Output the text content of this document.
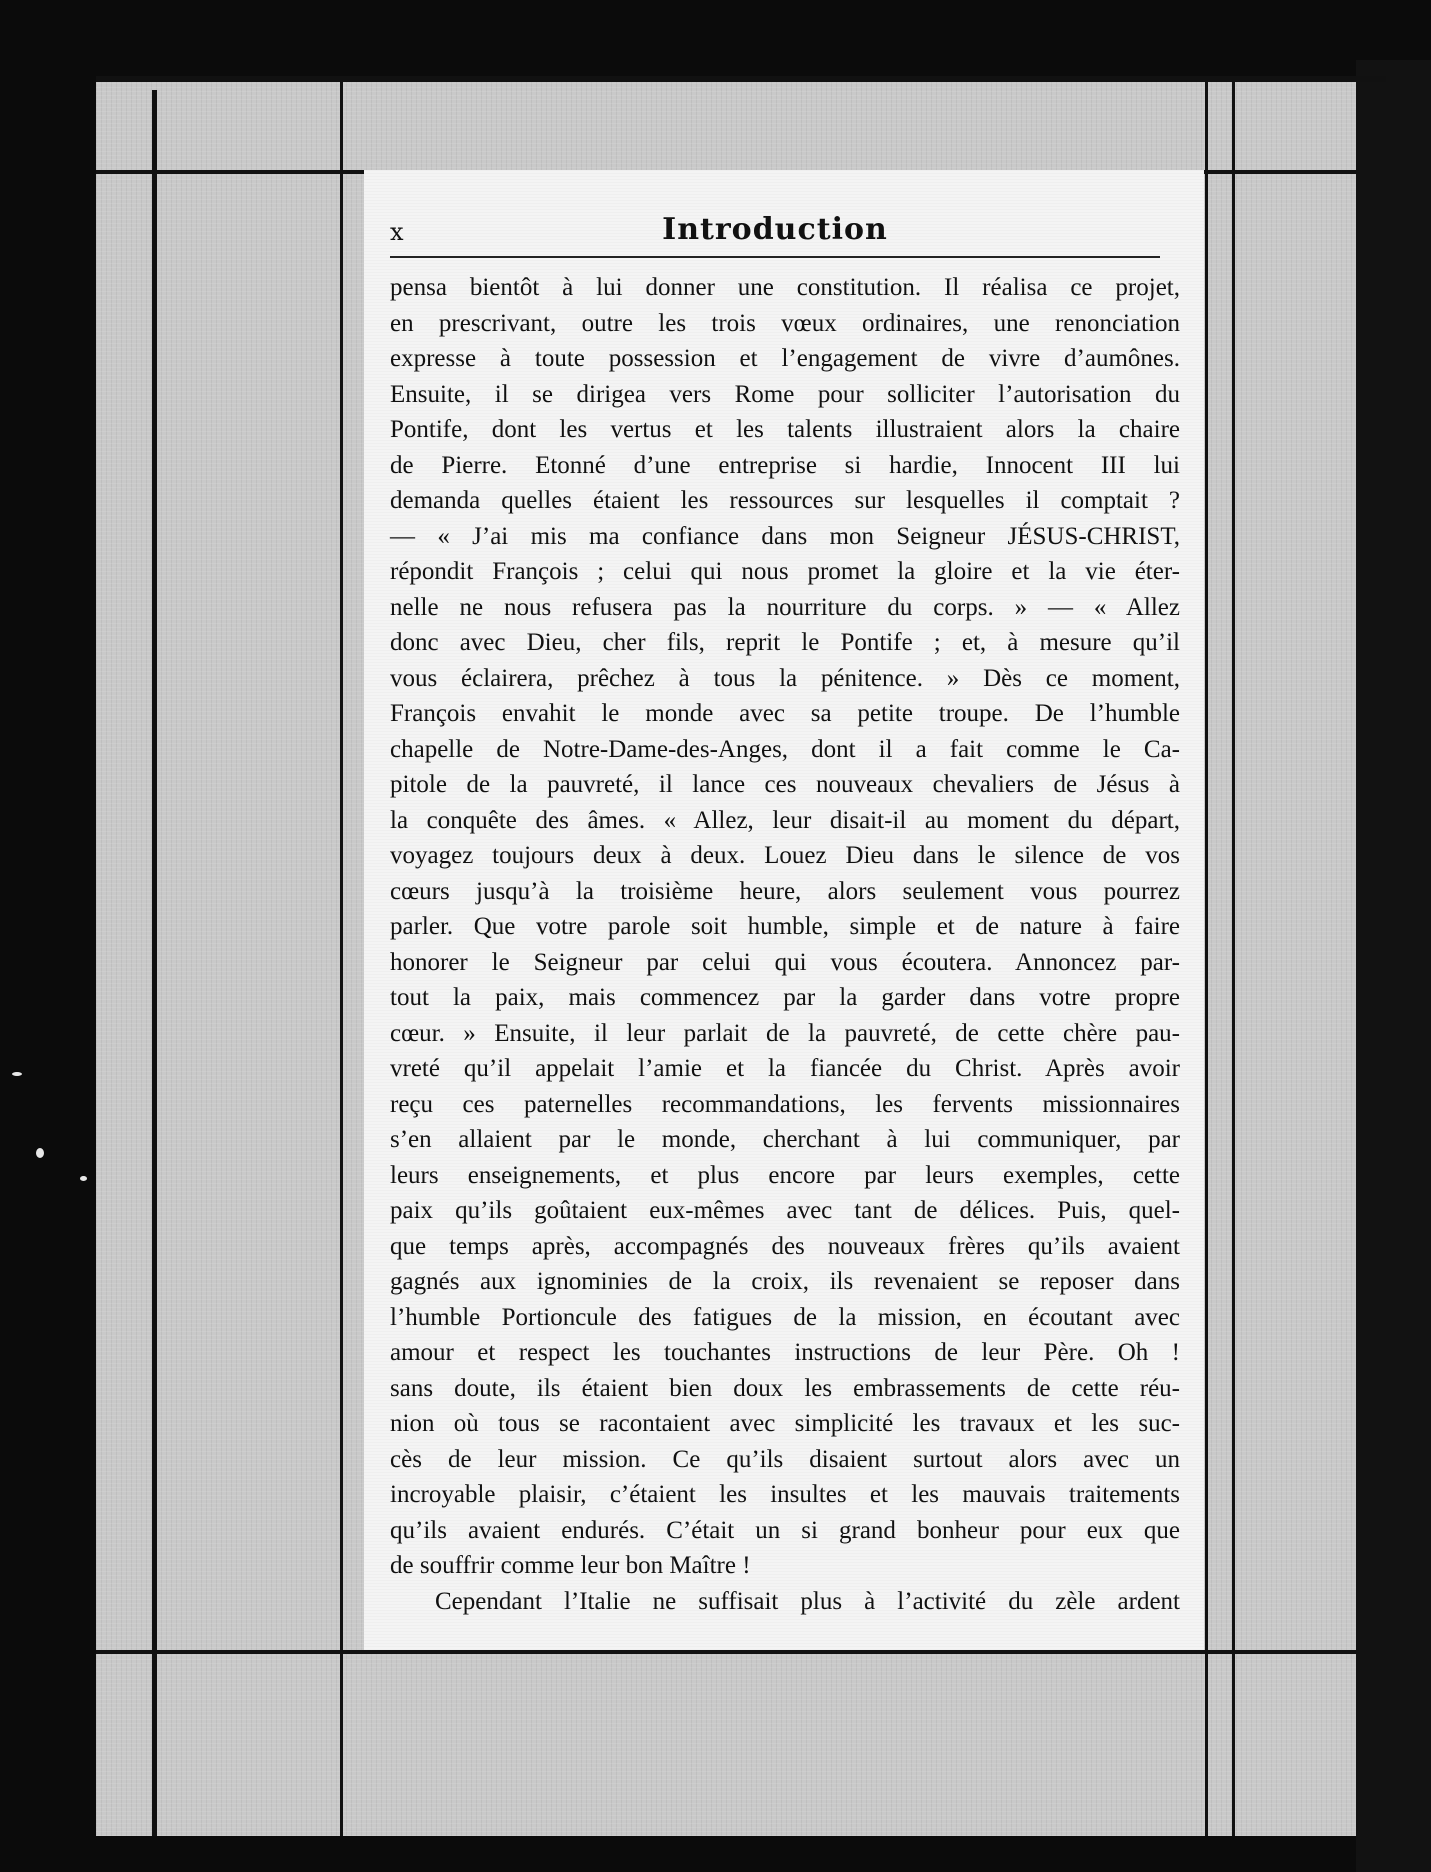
x	Introduction
pensa bientôt à lui donner une constitution. Il réalisa ce projet,
en prescrivant, outre les trois vœux ordinaires, une renonciation
expresse à toute possession et l’engagement de vivre d’aumônes.
Ensuite, il se dirigea vers Rome pour solliciter l’autorisation du
Pontife, dont les vertus et les talents illustraient alors la chaire
de Pierre. Etonné d’une entreprise si hardie, Innocent III lui
demanda quelles étaient les ressources sur lesquelles il comptait ?
— « J’ai mis ma confiance dans mon Seigneur JÉSUS-CHRIST,
répondit François ; celui qui nous promet la gloire et la vie éter-
nelle ne nous refusera pas la nourriture du corps. » — « Allez
donc avec Dieu, cher fils, reprit le Pontife ; et, à mesure qu’il
vous éclairera, prêchez à tous la pénitence. » Dès ce moment,
François envahit le monde avec sa petite troupe. De l’humble
chapelle de Notre-Dame-des-Anges, dont il a fait comme le Ca-
pitole de la pauvreté, il lance ces nouveaux chevaliers de Jésus à
la conquête des âmes. « Allez, leur disait-il au moment du départ,
voyagez toujours deux à deux. Louez Dieu dans le silence de vos
cœurs jusqu’à la troisième heure, alors seulement vous pourrez
parler. Que votre parole soit humble, simple et de nature à faire
honorer le Seigneur par celui qui vous écoutera. Annoncez par-
tout la paix, mais commencez par la garder dans votre propre
cœur. » Ensuite, il leur parlait de la pauvreté, de cette chère pau-
vreté qu’il appelait l’amie et la fiancée du Christ. Après avoir
reçu ces paternelles recommandations, les fervents missionnaires
s’en allaient par le monde, cherchant à lui communiquer, par
leurs enseignements, et plus encore par leurs exemples, cette
paix qu’ils goûtaient eux-mêmes avec tant de délices. Puis, quel-
que temps après, accompagnés des nouveaux frères qu’ils avaient
gagnés aux ignominies de la croix, ils revenaient se reposer dans
l’humble Portioncule des fatigues de la mission, en écoutant avec
amour et respect les touchantes instructions de leur Père. Oh !
sans doute, ils étaient bien doux les embrassements de cette réu-
nion où tous se racontaient avec simplicité les travaux et les suc-
cès de leur mission. Ce qu’ils disaient surtout alors avec un
incroyable plaisir, c’étaient les insultes et les mauvais traitements
qu’ils avaient endurés. C’était un si grand bonheur pour eux que
de souffrir comme leur bon Maître !
Cependant l’Italie ne suffisait plus à l’activité du zèle ardent
